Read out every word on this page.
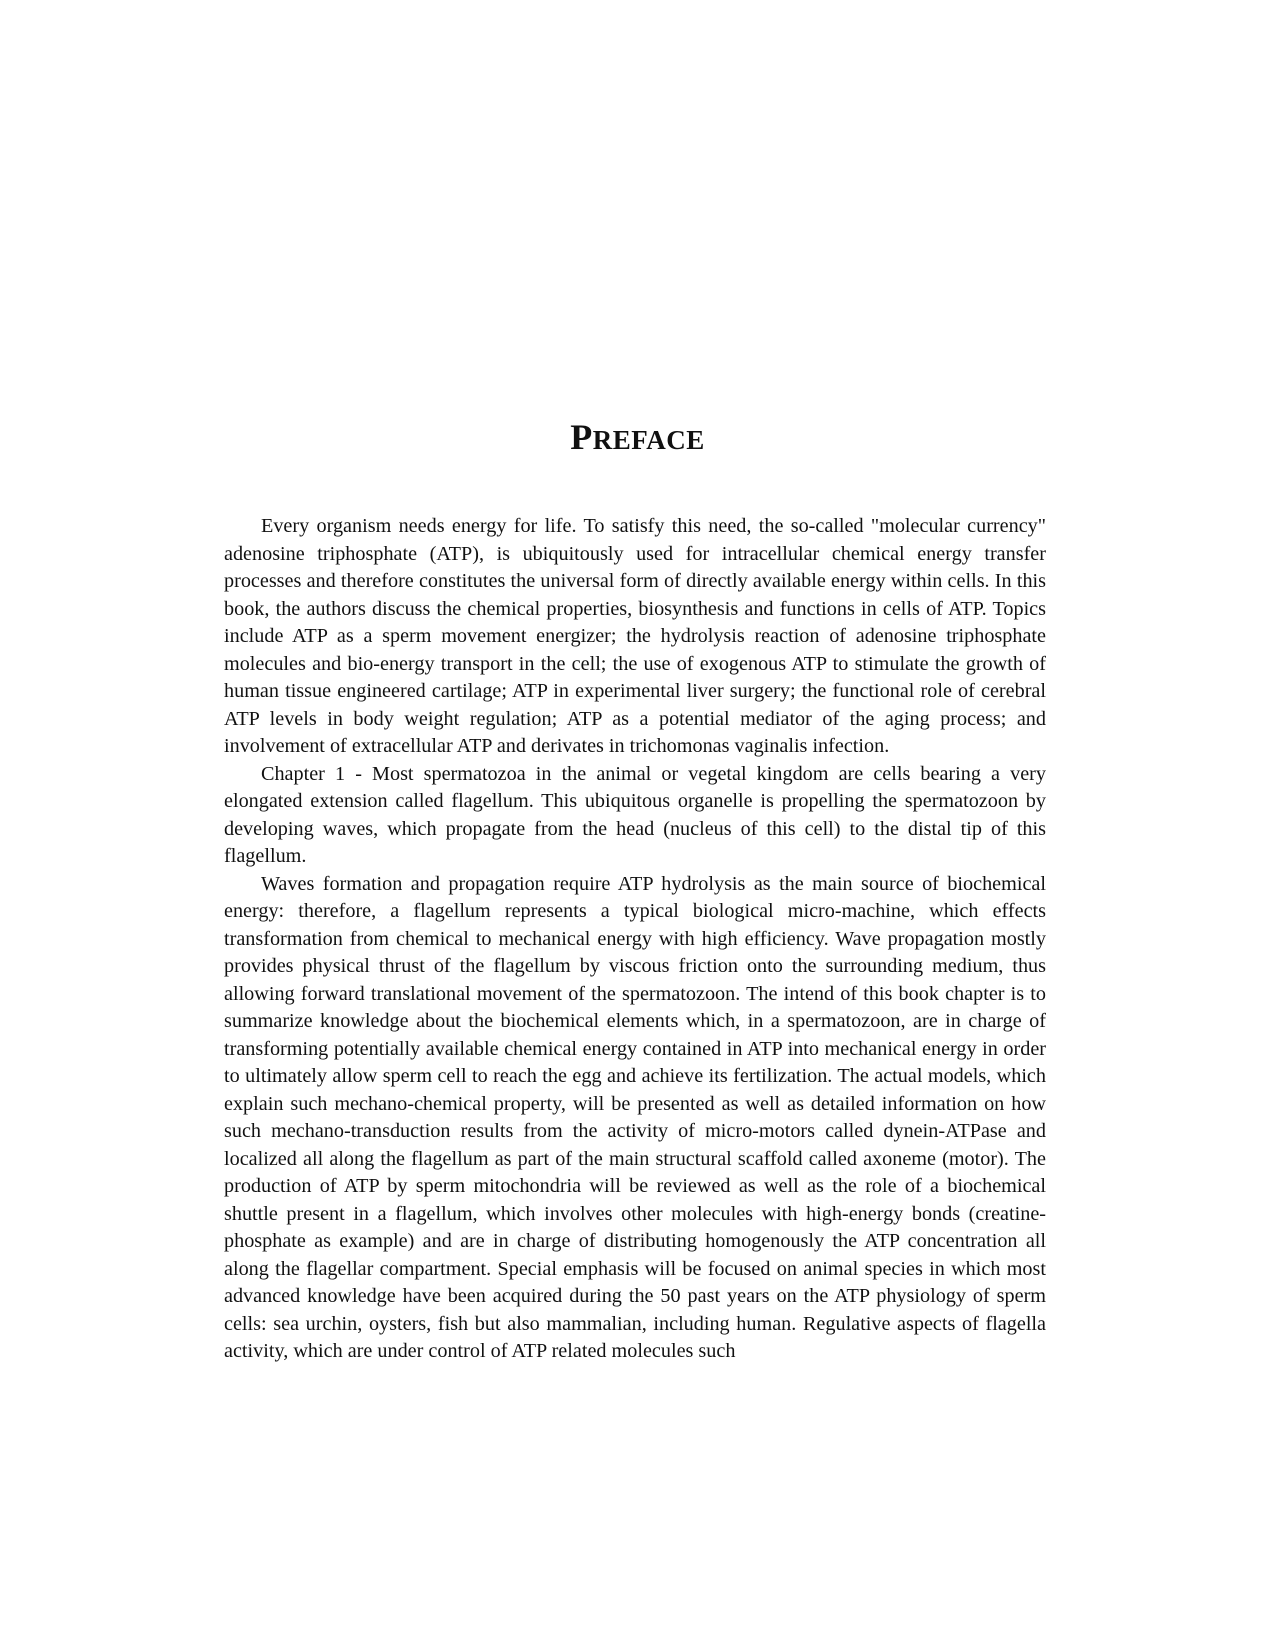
PREFACE

Every organism needs energy for life. To satisfy this need, the so-called "molecular currency" adenosine triphosphate (ATP), is ubiquitously used for intracellular chemical energy transfer processes and therefore constitutes the universal form of directly available energy within cells. In this book, the authors discuss the chemical properties, biosynthesis and functions in cells of ATP. Topics include ATP as a sperm movement energizer; the hydrolysis reaction of adenosine triphosphate molecules and bio-energy transport in the cell; the use of exogenous ATP to stimulate the growth of human tissue engineered cartilage; ATP in experimental liver surgery; the functional role of cerebral ATP levels in body weight regulation; ATP as a potential mediator of the aging process; and involvement of extracellular ATP and derivates in trichomonas vaginalis infection.

Chapter 1 - Most spermatozoa in the animal or vegetal kingdom are cells bearing a very elongated extension called flagellum. This ubiquitous organelle is propelling the spermatozoon by developing waves, which propagate from the head (nucleus of this cell) to the distal tip of this flagellum.

Waves formation and propagation require ATP hydrolysis as the main source of biochemical energy: therefore, a flagellum represents a typical biological micro-machine, which effects transformation from chemical to mechanical energy with high efficiency. Wave propagation mostly provides physical thrust of the flagellum by viscous friction onto the surrounding medium, thus allowing forward translational movement of the spermatozoon. The intend of this book chapter is to summarize knowledge about the biochemical elements which, in a spermatozoon, are in charge of transforming potentially available chemical energy contained in ATP into mechanical energy in order to ultimately allow sperm cell to reach the egg and achieve its fertilization. The actual models, which explain such mechano-chemical property, will be presented as well as detailed information on how such mechano-transduction results from the activity of micro-motors called dynein-ATPase and localized all along the flagellum as part of the main structural scaffold called axoneme (motor). The production of ATP by sperm mitochondria will be reviewed as well as the role of a biochemical shuttle present in a flagellum, which involves other molecules with high-energy bonds (creatine-phosphate as example) and are in charge of distributing homogenously the ATP concentration all along the flagellar compartment. Special emphasis will be focused on animal species in which most advanced knowledge have been acquired during the 50 past years on the ATP physiology of sperm cells: sea urchin, oysters, fish but also mammalian, including human. Regulative aspects of flagella activity, which are under control of ATP related molecules such
